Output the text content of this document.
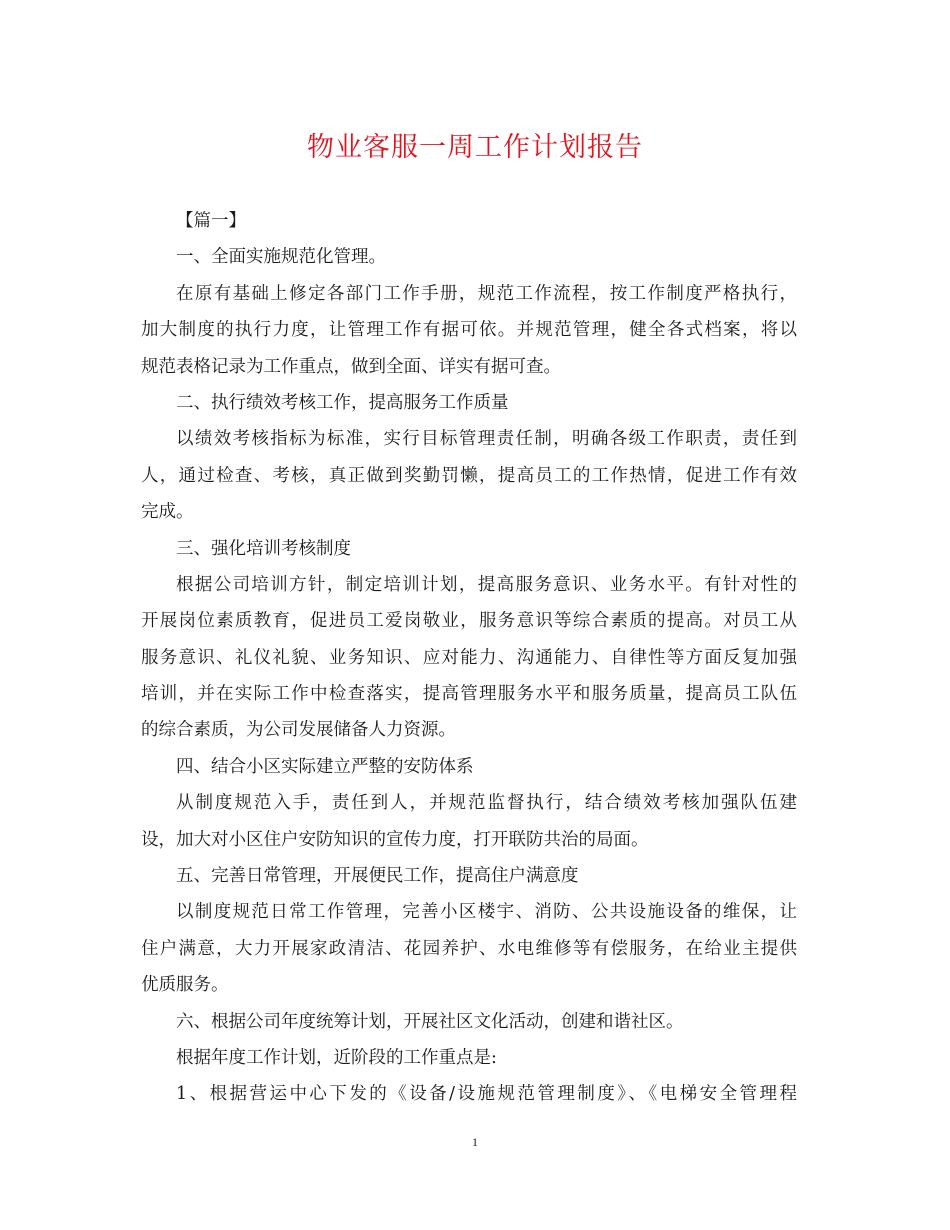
物业客服一周工作计划报告

【篇一】

一、全面实施规范化管理。

在原有基础上修定各部门工作手册，规范工作流程，按工作制度严格执行，

加大制度的执行力度，让管理工作有据可依。并规范管理，健全各式档案，将以

规范表格记录为工作重点，做到全面、详实有据可查。

二、执行绩效考核工作，提高服务工作质量

以绩效考核指标为标准，实行目标管理责任制，明确各级工作职责，责任到

人，通过检查、考核，真正做到奖勤罚懒，提高员工的工作热情，促进工作有效

完成。

三、强化培训考核制度

根据公司培训方针，制定培训计划，提高服务意识、业务水平。有针对性的

开展岗位素质教育，促进员工爱岗敬业，服务意识等综合素质的提高。对员工从

服务意识、礼仪礼貌、业务知识、应对能力、沟通能力、自律性等方面反复加强

培训，并在实际工作中检查落实，提高管理服务水平和服务质量，提高员工队伍

的综合素质，为公司发展储备人力资源。

四、结合小区实际建立严整的安防体系

从制度规范入手，责任到人，并规范监督执行，结合绩效考核加强队伍建

设，加大对小区住户安防知识的宣传力度，打开联防共治的局面。

五、完善日常管理，开展便民工作，提高住户满意度

以制度规范日常工作管理，完善小区楼宇、消防、公共设施设备的维保，让

住户满意，大力开展家政清洁、花园养护、水电维修等有偿服务，在给业主提供

优质服务。

六、根据公司年度统筹计划，开展社区文化活动，创建和谐社区。

根据年度工作计划，近阶段的工作重点是:

1、根据营运中心下发的《设备/设施规范管理制度》、《电梯安全管理程

1
